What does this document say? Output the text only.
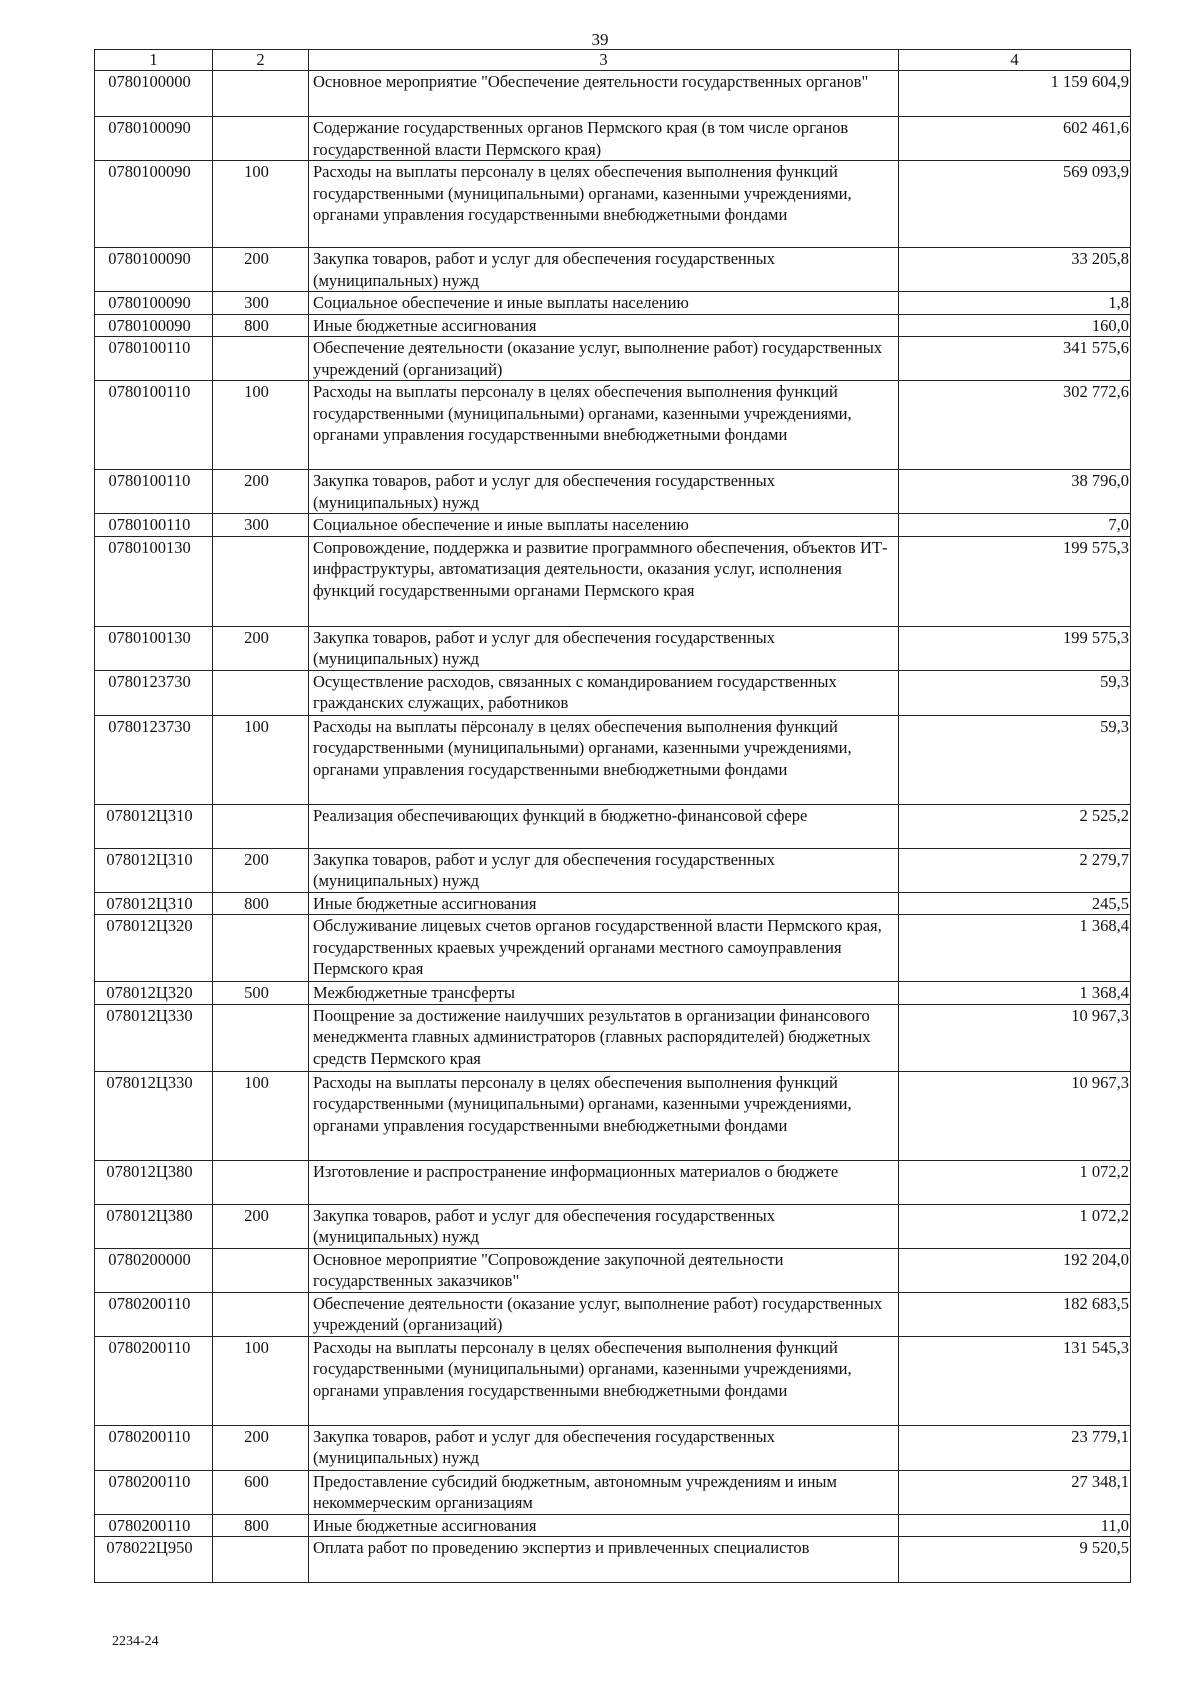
39
1	2	3	4
0780100000		Основное мероприятие "Обеспечение деятельности государственных органов"	1 159 604,9
0780100090		Содержание государственных органов Пермского края (в том числе органов государственной власти Пермского края)	602 461,6
0780100090	100	Расходы на выплаты персоналу в целях обеспечения выполнения функций государственными (муниципальными) органами, казенными учреждениями, органами управления государственными внебюджетными фондами	569 093,9
0780100090	200	Закупка товаров, работ и услуг для обеспечения государственных (муниципальных) нужд	33 205,8
0780100090	300	Социальное обеспечение и иные выплаты населению	1,8
0780100090	800	Иные бюджетные ассигнования	160,0
0780100110		Обеспечение деятельности (оказание услуг, выполнение работ) государственных учреждений (организаций)	341 575,6
0780100110	100	Расходы на выплаты персоналу в целях обеспечения выполнения функций государственными (муниципальными) органами, казенными учреждениями, органами управления государственными внебюджетными фондами	302 772,6
0780100110	200	Закупка товаров, работ и услуг для обеспечения государственных (муниципальных) нужд	38 796,0
0780100110	300	Социальное обеспечение и иные выплаты населению	7,0
0780100130		Сопровождение, поддержка и развитие программного обеспечения, объектов ИТ-инфраструктуры, автоматизация деятельности, оказания услуг, исполнения функций государственными органами Пермского края	199 575,3
0780100130	200	Закупка товаров, работ и услуг для обеспечения государственных (муниципальных) нужд	199 575,3
0780123730		Осуществление расходов, связанных с командированием государственных гражданских служащих, работников	59,3
0780123730	100	Расходы на выплаты пёрсоналу в целях обеспечения выполнения функций государственными (муниципальными) органами, казенными учреждениями, органами управления государственными внебюджетными фондами	59,3
078012Ц310		Реализация обеспечивающих функций в бюджетно-финансовой сфере	2 525,2
078012Ц310	200	Закупка товаров, работ и услуг для обеспечения государственных (муниципальных) нужд	2 279,7
078012Ц310	800	Иные бюджетные ассигнования	245,5
078012Ц320		Обслуживание лицевых счетов органов государственной власти Пермского края, государственных краевых учреждений органами местного самоуправления Пермского края	1 368,4
078012Ц320	500	Межбюджетные трансферты	1 368,4
078012Ц330		Поощрение за достижение наилучших результатов в организации финансового менеджмента главных администраторов (главных распорядителей) бюджетных средств Пермского края	10 967,3
078012Ц330	100	Расходы на выплаты персоналу в целях обеспечения выполнения функций государственными (муниципальными) органами, казенными учреждениями, органами управления государственными внебюджетными фондами	10 967,3
078012Ц380		Изготовление и распространение информационных материалов о бюджете	1 072,2
078012Ц380	200	Закупка товаров, работ и услуг для обеспечения государственных (муниципальных) нужд	1 072,2
0780200000		Основное мероприятие "Сопровождение закупочной деятельности государственных заказчиков"	192 204,0
0780200110		Обеспечение деятельности (оказание услуг, выполнение работ) государственных учреждений (организаций)	182 683,5
0780200110	100	Расходы на выплаты персоналу в целях обеспечения выполнения функций государственными (муниципальными) органами, казенными учреждениями, органами управления государственными внебюджетными фондами	131 545,3
0780200110	200	Закупка товаров, работ и услуг для обеспечения государственных (муниципальных) нужд	23 779,1
0780200110	600	Предоставление субсидий бюджетным, автономным учреждениям и иным некоммерческим организациям	27 348,1
0780200110	800	Иные бюджетные ассигнования	11,0
078022Ц950		Оплата работ по проведению экспертиз и привлеченных специалистов	9 520,5
2234-24
